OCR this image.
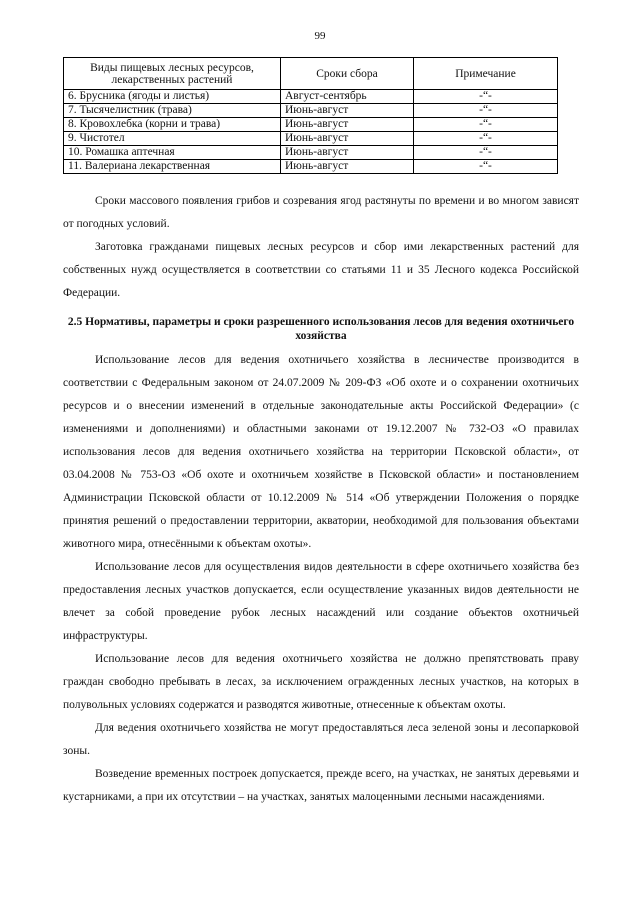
99
Виды пищевых лесных ресурсов, лекарственных растений	Сроки сбора	Примечание
6. Брусника (ягоды и листья)	Август-сентябрь	-“-
7. Тысячелистник (трава)	Июнь-август	-“-
8. Кровохлебка (корни и трава)	Июнь-август	-“-
9. Чистотел	Июнь-август	-“-
10. Ромашка аптечная	Июнь-август	-“-
11. Валериана лекарственная	Июнь-август	-“-

Сроки массового появления грибов и созревания ягод растянуты по времени и во многом зависят от погодных условий.

Заготовка гражданами пищевых лесных ресурсов и сбор ими лекарственных растений для собственных нужд осуществляется в соответствии со статьями 11 и 35 Лесного кодекса Российской Федерации.

2.5 Нормативы, параметры и сроки разрешенного использования лесов для ведения охотничьего хозяйства

Использование лесов для ведения охотничьего хозяйства в лесничестве производится в соответствии с Федеральным законом от 24.07.2009 № 209-ФЗ «Об охоте и о сохранении охотничьих ресурсов и о внесении изменений в отдельные законодательные акты Российской Федерации» (с изменениями и дополнениями) и областными законами от 19.12.2007 № 732-ОЗ «О правилах использования лесов для ведения охотничьего хозяйства на территории Псковской области», от 03.04.2008 № 753-ОЗ «Об охоте и охотничьем хозяйстве в Псковской области» и постановлением Администрации Псковской области от 10.12.2009 № 514 «Об утверждении Положения о порядке принятия решений о предоставлении территории, акватории, необходимой для пользования объектами животного мира, отнесёнными к объектам охоты».

Использование лесов для осуществления видов деятельности в сфере охотничьего хозяйства без предоставления лесных участков допускается, если осуществление указанных видов деятельности не влечет за собой проведение рубок лесных насаждений или создание объектов охотничьей инфраструктуры.

Использование лесов для ведения охотничьего хозяйства не должно препятствовать праву граждан свободно пребывать в лесах, за исключением огражденных лесных участков, на которых в полувольных условиях содержатся и разводятся животные, отнесенные к объектам охоты.

Для ведения охотничьего хозяйства не могут предоставляться леса зеленой зоны и лесопарковой зоны.

Возведение временных построек допускается, прежде всего, на участках, не занятых деревьями и кустарниками, а при их отсутствии – на участках, занятых малоценными лесными насаждениями.
